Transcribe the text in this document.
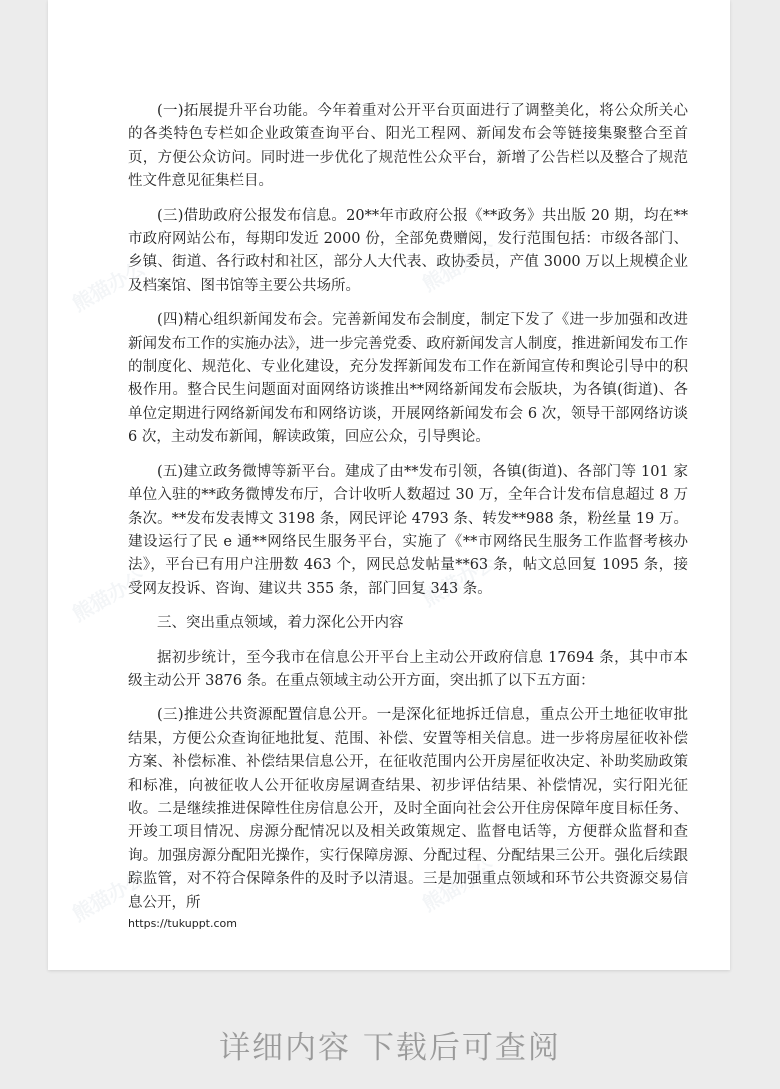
(一)拓展提升平台功能。今年着重对公开平台页面进行了调整美化，将公众所关心的各类特色专栏如企业政策查询平台、阳光工程网、新闻发布会等链接集聚整合至首页，方便公众访问。同时进一步优化了规范性公众平台，新增了公告栏以及整合了规范性文件意见征集栏目。

(三)借助政府公报发布信息。20**年市政府公报《**政务》共出版 20 期，均在**市政府网站公布，每期印发近 2000 份，全部免费赠阅，发行范围包括：市级各部门、乡镇、街道、各行政村和社区，部分人大代表、政协委员，产值 3000 万以上规模企业及档案馆、图书馆等主要公共场所。

(四)精心组织新闻发布会。完善新闻发布会制度，制定下发了《进一步加强和改进新闻发布工作的实施办法》，进一步完善党委、政府新闻发言人制度，推进新闻发布工作的制度化、规范化、专业化建设，充分发挥新闻发布工作在新闻宣传和舆论引导中的积极作用。整合民生问题面对面网络访谈推出**网络新闻发布会版块，为各镇(街道)、各单位定期进行网络新闻发布和网络访谈，开展网络新闻发布会 6 次，领导干部网络访谈 6 次，主动发布新闻，解读政策，回应公众，引导舆论。

(五)建立政务微博等新平台。建成了由**发布引领，各镇(街道)、各部门等 101 家单位入驻的**政务微博发布厅，合计收听人数超过 30 万，全年合计发布信息超过 8 万条次。**发布发表博文 3198 条，网民评论 4793 条、转发**988 条，粉丝量 19 万。建设运行了民 e 通**网络民生服务平台，实施了《**市网络民生服务工作监督考核办法》，平台已有用户注册数 463 个，网民总发帖量**63 条，帖文总回复 1095 条，接受网友投诉、咨询、建议共 355 条，部门回复 343 条。

三、突出重点领域，着力深化公开内容

据初步统计，至今我市在信息公开平台上主动公开政府信息 17694 条，其中市本级主动公开 3876 条。在重点领域主动公开方面，突出抓了以下五方面：

(三)推进公共资源配置信息公开。一是深化征地拆迁信息，重点公开土地征收审批结果，方便公众查询征地批复、范围、补偿、安置等相关信息。进一步将房屋征收补偿方案、补偿标准、补偿结果信息公开，在征收范围内公开房屋征收决定、补助奖励政策和标准，向被征收人公开征收房屋调查结果、初步评估结果、补偿情况，实行阳光征收。二是继续推进保障性住房信息公开，及时全面向社会公开住房保障年度目标任务、开竣工项目情况、房源分配情况以及相关政策规定、监督电话等，方便群众监督和查询。加强房源分配阳光操作，实行保障房源、分配过程、分配结果三公开。强化后续跟踪监管，对不符合保障条件的及时予以清退。三是加强重点领域和环节公共资源交易信息公开，所

https://tukuppt.com
熊猫办公	熊猫办公
熊猫办公	熊猫办公
熊猫办公	熊猫办公
详细内容 下载后可查阅
